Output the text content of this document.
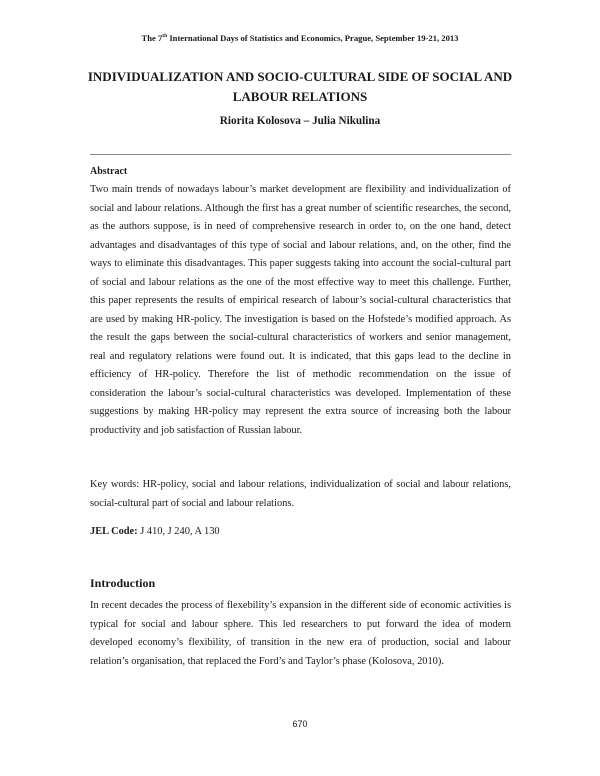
The 7th International Days of Statistics and Economics, Prague, September 19-21, 2013
INDIVIDUALIZATION AND SOCIO-CULTURAL SIDE OF SOCIAL AND LABOUR RELATIONS
Riorita Kolosova – Julia Nikulina
Abstract

Two main trends of nowadays labour’s market development are flexibility and individualization of social and labour relations. Although the first has a great number of scientific researches, the second, as the authors suppose, is in need of comprehensive research in order to, on the one hand, detect advantages and disadvantages of this type of social and labour relations, and, on the other, find the ways to eliminate this disadvantages. This paper suggests taking into account the social-cultural part of social and labour relations as the one of the most effective way to meet this challenge. Further, this paper represents the results of empirical research of labour’s social-cultural characteristics that are used by making HR-policy. The investigation is based on the Hofstede’s modified approach. As the result the gaps between the social-cultural characteristics of workers and senior management, real and regulatory relations were found out. It is indicated, that this gaps lead to the decline in efficiency of HR-policy. Therefore the list of methodic recommendation on the issue of consideration the labour’s social-cultural characteristics was developed. Implementation of these suggestions by making HR-policy may represent the extra source of increasing both the labour productivity and job satisfaction of Russian labour.

Key words: HR-policy, social and labour relations, individualization of social and labour relations, social-cultural part of social and labour relations.

JEL Code: J 410, J 240, A 130
Introduction

In recent decades the process of flexebility’s expansion in the different side of economic activities is typical for social and labour sphere. This led researchers to put forward the idea of modern developed economy’s flexibility, of transition in the new era of production, social and labour relation’s organisation, that replaced the Ford’s and Taylor’s phase (Kolosova, 2010).

670
